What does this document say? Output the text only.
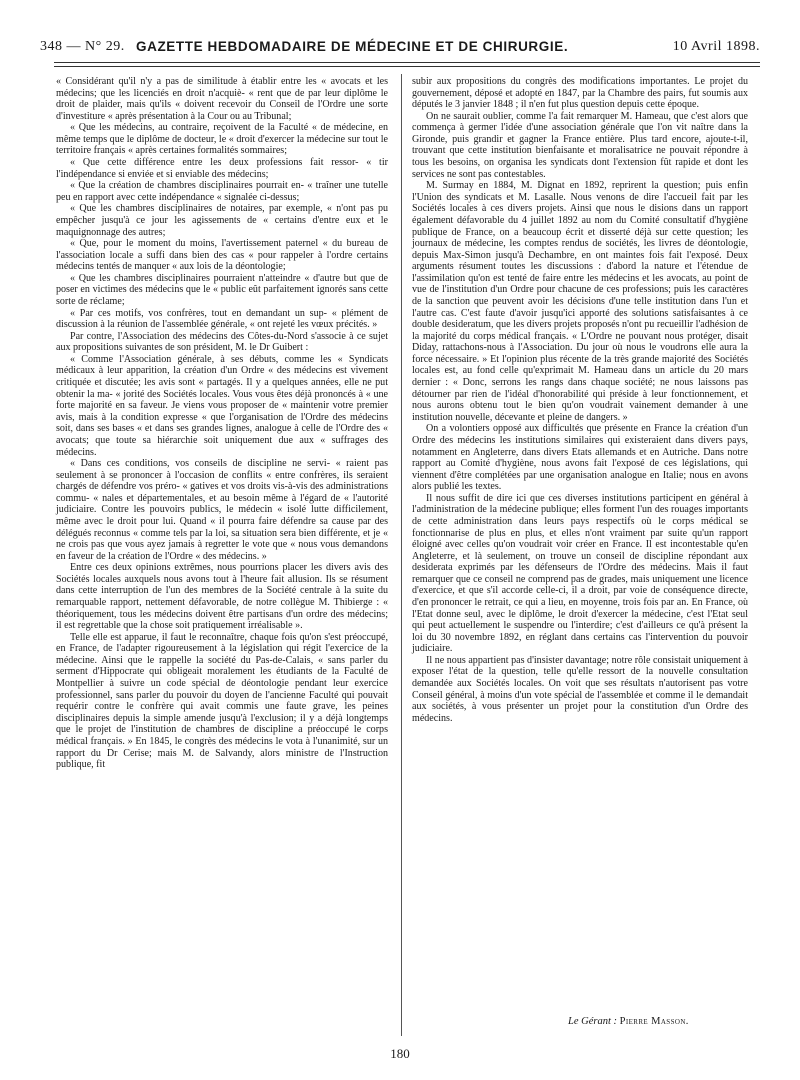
348 — N° 29. GAZETTE HEBDOMADAIRE DE MÉDECINE ET DE CHIRURGIE.	10 Avril 1898.

« Considérant qu'il n'y a pas de similitude à établir entre les « avocats et les médecins; que les licenciés en droit n'acquiè- « rent que de par leur diplôme le droit de plaider, mais qu'ils « doivent recevoir du Conseil de l'Ordre une sorte d'investiture « après présentation à la Cour ou au Tribunal;

« Que les médecins, au contraire, reçoivent de la Faculté « de médecine, en même temps que le diplôme de docteur, le « droit d'exercer la médecine sur tout le territoire français « après certaines formalités sommaires;

« Que cette différence entre les deux professions fait ressor- « tir l'indépendance si enviée et si enviable des médecins;

« Que la création de chambres disciplinaires pourrait en- « traîner une tutelle peu en rapport avec cette indépendance « signalée ci-dessus;

« Que les chambres disciplinaires de notaires, par exemple, « n'ont pas pu empêcher jusqu'à ce jour les agissements de « certains d'entre eux et le maquignonnage des autres;

« Que, pour le moment du moins, l'avertissement paternel « du bureau de l'association locale a suffi dans bien des cas « pour rappeler à l'ordre certains médecins tentés de manquer « aux lois de la déontologie;

« Que les chambres disciplinaires pourraient n'atteindre « d'autre but que de poser en victimes des médecins que le « public eût parfaitement ignorés sans cette sorte de réclame;

« Par ces motifs, vos confrères, tout en demandant un sup- « plément de discussion à la réunion de l'assemblée générale, « ont rejeté les vœux précités. »

Par contre, l'Association des médecins des Côtes-du-Nord s'associe à ce sujet aux propositions suivantes de son président, M. le Dr Guibert :

« Comme l'Association générale, à ses débuts, comme les « Syndicats médicaux à leur apparition, la création d'un Ordre « des médecins est vivement critiquée et discutée; les avis sont « partagés. Il y a quelques années, elle ne put obtenir la ma- « jorité des Sociétés locales. Vous vous êtes déjà prononcés à « une forte majorité en sa faveur. Je viens vous proposer de « maintenir votre premier avis, mais à la condition expresse « que l'organisation de l'Ordre des médecins soit, dans ses bases « et dans ses grandes lignes, analogue à celle de l'Ordre des « avocats; que toute sa hiérarchie soit uniquement due aux « suffrages des médecins.

« Dans ces conditions, vos conseils de discipline ne servi- « raient pas seulement à se prononcer à l'occasion de conflits « entre confrères, ils seraient chargés de défendre vos préro- « gatives et vos droits vis-à-vis des administrations commu- « nales et départementales, et au besoin même à l'égard de « l'autorité judiciaire. Contre les pouvoirs publics, le médecin « isolé lutte difficilement, même avec le droit pour lui. Quand « il pourra faire défendre sa cause par des délégués reconnus « comme tels par la loi, sa situation sera bien différente, et je « ne crois pas que vous ayez jamais à regretter le vote que « nous vous demandons en faveur de la création de l'Ordre « des médecins. »

Entre ces deux opinions extrêmes, nous pourrions placer les divers avis des Sociétés locales auxquels nous avons tout à l'heure fait allusion. Ils se résument dans cette interruption de l'un des membres de la Société centrale à la suite du remarquable rapport, nettement défavorable, de notre collègue M. Thibierge : « théoriquement, tous les médecins doivent être partisans d'un ordre des médecins; il est regrettable que la chose soit pratiquement irréalisable ».

Telle elle est apparue, il faut le reconnaître, chaque fois qu'on s'est préoccupé, en France, de l'adapter rigoureusement à la législation qui régit l'exercice de la médecine. Ainsi que le rappelle la société du Pas-de-Calais, « sans parler du serment d'Hippocrate qui obligeait moralement les étudiants de la Faculté de Montpellier à suivre un code spécial de déontologie pendant leur exercice professionnel, sans parler du pouvoir du doyen de l'ancienne Faculté qui pouvait requérir contre le confrère qui avait commis une faute grave, les peines disciplinaires depuis la simple amende jusqu'à l'exclusion; il y a déjà longtemps que le projet de l'institution de chambres de discipline a préoccupé le corps médical français. » En 1845, le congrès des médecins le vota à l'unanimité, sur un rapport du Dr Cerise; mais M. de Salvandy, alors ministre de l'Instruction publique, fit

subir aux propositions du congrès des modifications importantes. Le projet du gouvernement, déposé et adopté en 1847, par la Chambre des pairs, fut soumis aux députés le 3 janvier 1848 ; il n'en fut plus question depuis cette époque.

On ne saurait oublier, comme l'a fait remarquer M. Hameau, que c'est alors que commença à germer l'idée d'une association générale que l'on vit naître dans la Gironde, puis grandir et gagner la France entière. Plus tard encore, ajoute-t-il, trouvant que cette institution bienfaisante et moralisatrice ne pouvait répondre à tous les besoins, on organisa les syndicats dont l'extension fût rapide et dont les services ne sont pas contestables.

M. Surmay en 1884, M. Dignat en 1892, reprirent la question; puis enfin l'Union des syndicats et M. Lasalle. Nous venons de dire l'accueil fait par les Sociétés locales à ces divers projets. Ainsi que nous le disions dans un rapport également défavorable du 4 juillet 1892 au nom du Comité consultatif d'hygiène publique de France, on a beaucoup écrit et disserté déjà sur cette question; les journaux de médecine, les comptes rendus de sociétés, les livres de déontologie, depuis Max-Simon jusqu'à Dechambre, en ont maintes fois fait l'exposé. Deux arguments résument toutes les discussions : d'abord la nature et l'étendue de l'assimilation qu'on est tenté de faire entre les médecins et les avocats, au point de vue de l'institution d'un Ordre pour chacune de ces professions; puis les caractères de la sanction que peuvent avoir les décisions d'une telle institution dans l'un et l'autre cas. C'est faute d'avoir jusqu'ici apporté des solutions satisfaisantes à ce double desideratum, que les divers projets proposés n'ont pu recueillir l'adhésion de la majorité du corps médical français. « L'Ordre ne pouvant nous protéger, disait Diday, rattachons-nous à l'Association. Du jour où nous le voudrons elle aura la force nécessaire. » Et l'opinion plus récente de la très grande majorité des Sociétés locales est, au fond celle qu'exprimait M. Hameau dans un article du 20 mars dernier : « Donc, serrons les rangs dans chaque société; ne nous laissons pas détourner par rien de l'idéal d'honorabilité qui préside à leur fonctionnement, et nous aurons obtenu tout le bien qu'on voudrait vainement demander à une institution nouvelle, décevante et pleine de dangers. »

On a volontiers opposé aux difficultés que présente en France la création d'un Ordre des médecins les institutions similaires qui existeraient dans divers pays, notamment en Angleterre, dans divers Etats allemands et en Autriche. Dans notre rapport au Comité d'hygiène, nous avons fait l'exposé de ces législations, qui viennent d'être complétées par une organisation analogue en Italie; nous en avons alors publié les textes.

Il nous suffit de dire ici que ces diverses institutions participent en général à l'administration de la médecine publique; elles forment l'un des rouages importants de cette administration dans leurs pays respectifs où le corps médical se fonctionnarise de plus en plus, et elles n'ont vraiment par suite qu'un rapport éloigné avec celles qu'on voudrait voir créer en France. Il est incontestable qu'en Angleterre, et là seulement, on trouve un conseil de discipline répondant aux desiderata exprimés par les défenseurs de l'Ordre des médecins. Mais il faut remarquer que ce conseil ne comprend pas de grades, mais uniquement une licence d'exercice, et que s'il accorde celle-ci, il a droit, par voie de conséquence directe, d'en prononcer le retrait, ce qui a lieu, en moyenne, trois fois par an. En France, où l'Etat donne seul, avec le diplôme, le droit d'exercer la médecine, c'est l'Etat seul qui peut actuellement le suspendre ou l'interdire; c'est d'ailleurs ce qu'à présent la loi du 30 novembre 1892, en réglant dans certains cas l'intervention du pouvoir judiciaire.

Il ne nous appartient pas d'insister davantage; notre rôle consistait uniquement à exposer l'état de la question, telle qu'elle ressort de la nouvelle consultation demandée aux Sociétés locales. On voit que ses résultats n'autorisent pas votre Conseil général, à moins d'un vote spécial de l'assemblée et comme il le demandait aux sociétés, à vous présenter un projet pour la constitution d'un Ordre des médecins.

Le Gérant : Pierre Masson.
180
